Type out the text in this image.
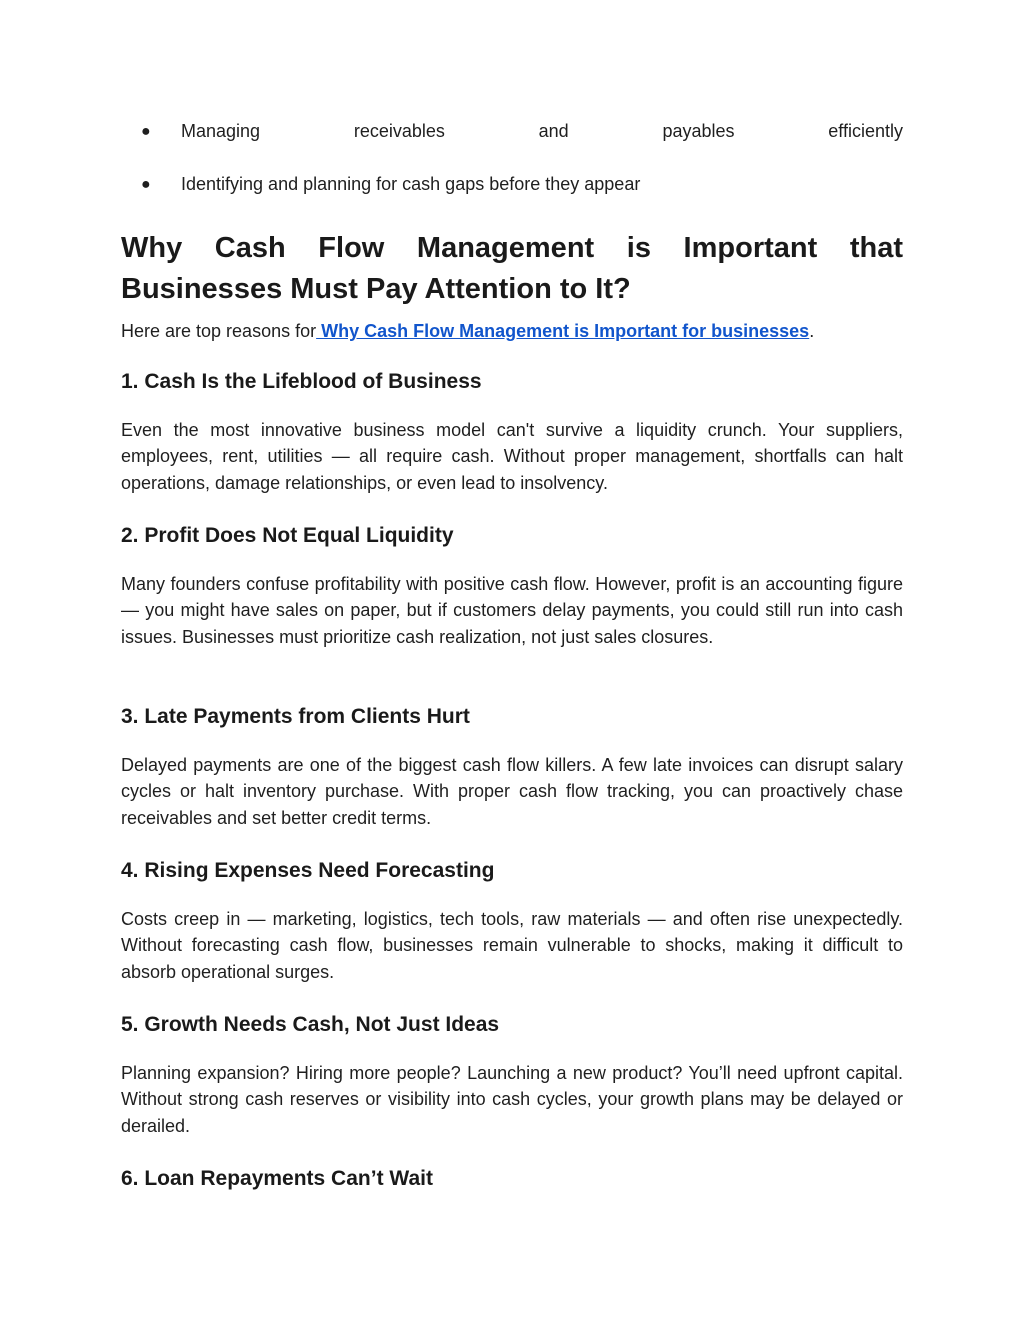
● Managing receivables and payables efficiently
● Identifying and planning for cash gaps before they appear
Why Cash Flow Management is Important that Businesses Must Pay Attention to It?

Here are top reasons for Why Cash Flow Management is Important for businesses.

1. Cash Is the Lifeblood of Business

Even the most innovative business model can't survive a liquidity crunch. Your suppliers, employees, rent, utilities — all require cash. Without proper management, shortfalls can halt operations, damage relationships, or even lead to insolvency.

2. Profit Does Not Equal Liquidity

Many founders confuse profitability with positive cash flow. However, profit is an accounting figure — you might have sales on paper, but if customers delay payments, you could still run into cash issues. Businesses must prioritize cash realization, not just sales closures.

3. Late Payments from Clients Hurt

Delayed payments are one of the biggest cash flow killers. A few late invoices can disrupt salary cycles or halt inventory purchase. With proper cash flow tracking, you can proactively chase receivables and set better credit terms.

4. Rising Expenses Need Forecasting

Costs creep in — marketing, logistics, tech tools, raw materials — and often rise unexpectedly. Without forecasting cash flow, businesses remain vulnerable to shocks, making it difficult to absorb operational surges.

5. Growth Needs Cash, Not Just Ideas

Planning expansion? Hiring more people? Launching a new product? You’ll need upfront capital. Without strong cash reserves or visibility into cash cycles, your growth plans may be delayed or derailed.

6. Loan Repayments Can’t Wait
